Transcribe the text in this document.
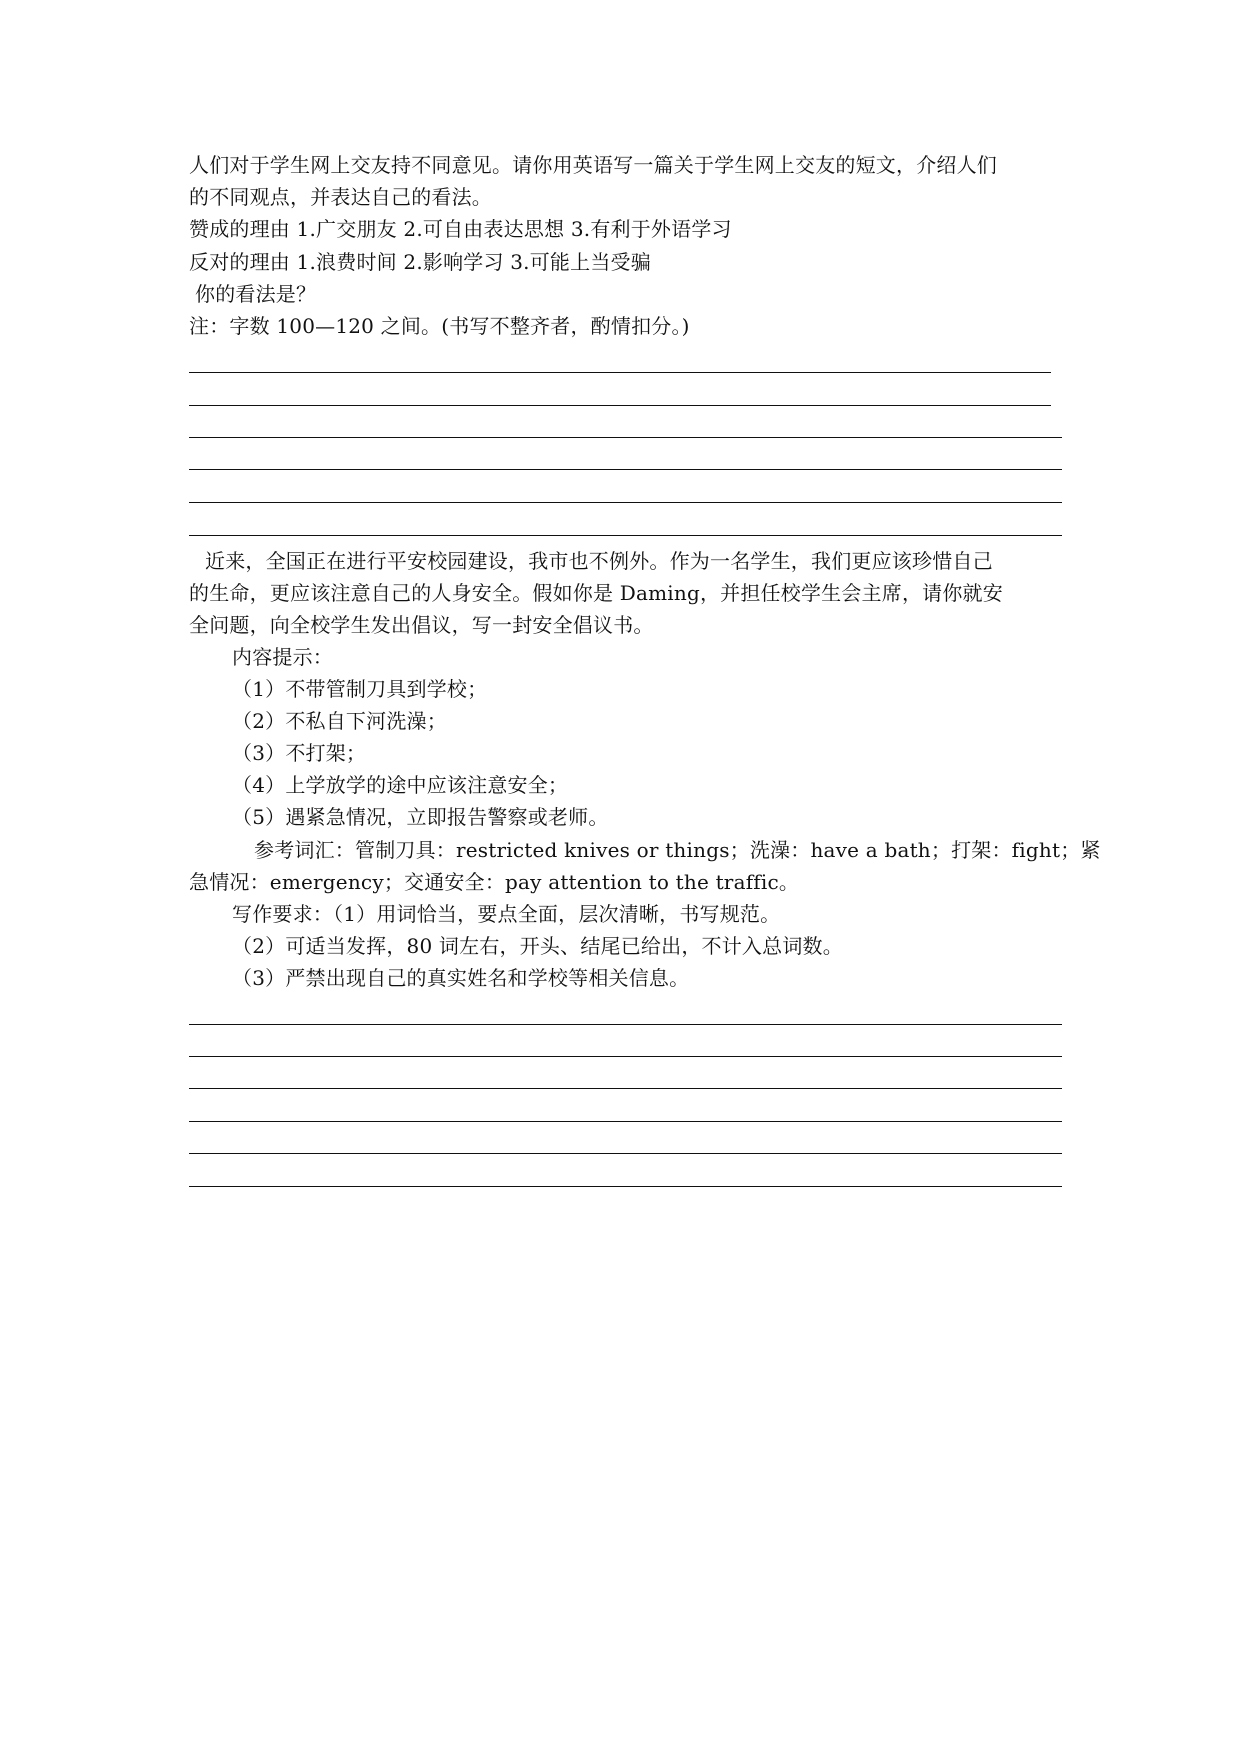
人们对于学生网上交友持不同意见。请你用英语写一篇关于学生网上交友的短文，介绍人们
的不同观点，并表达自己的看法。
赞成的理由 1.广交朋友 2.可自由表达思想 3.有利于外语学习
反对的理由 1.浪费时间 2.影响学习 3.可能上当受骗
你的看法是？
注：字数 100—120 之间。(书写不整齐者，酌情扣分。)
近来，全国正在进行平安校园建设，我市也不例外。作为一名学生，我们更应该珍惜自己
的生命，更应该注意自己的人身安全。假如你是 Daming，并担任校学生会主席，请你就安
全问题，向全校学生发出倡议，写一封安全倡议书。
内容提示：
（1）不带管制刀具到学校；
（2）不私自下河洗澡；
（3）不打架；
（4）上学放学的途中应该注意安全；
（5）遇紧急情况，立即报告警察或老师。
参考词汇：管制刀具：restricted knives or things；洗澡：have a bath；打架：fight；紧
急情况：emergency；交通安全：pay attention to the traffic。
写作要求：（1）用词恰当，要点全面，层次清晰，书写规范。
（2）可适当发挥，80 词左右，开头、结尾已给出，不计入总词数。
（3）严禁出现自己的真实姓名和学校等相关信息。
